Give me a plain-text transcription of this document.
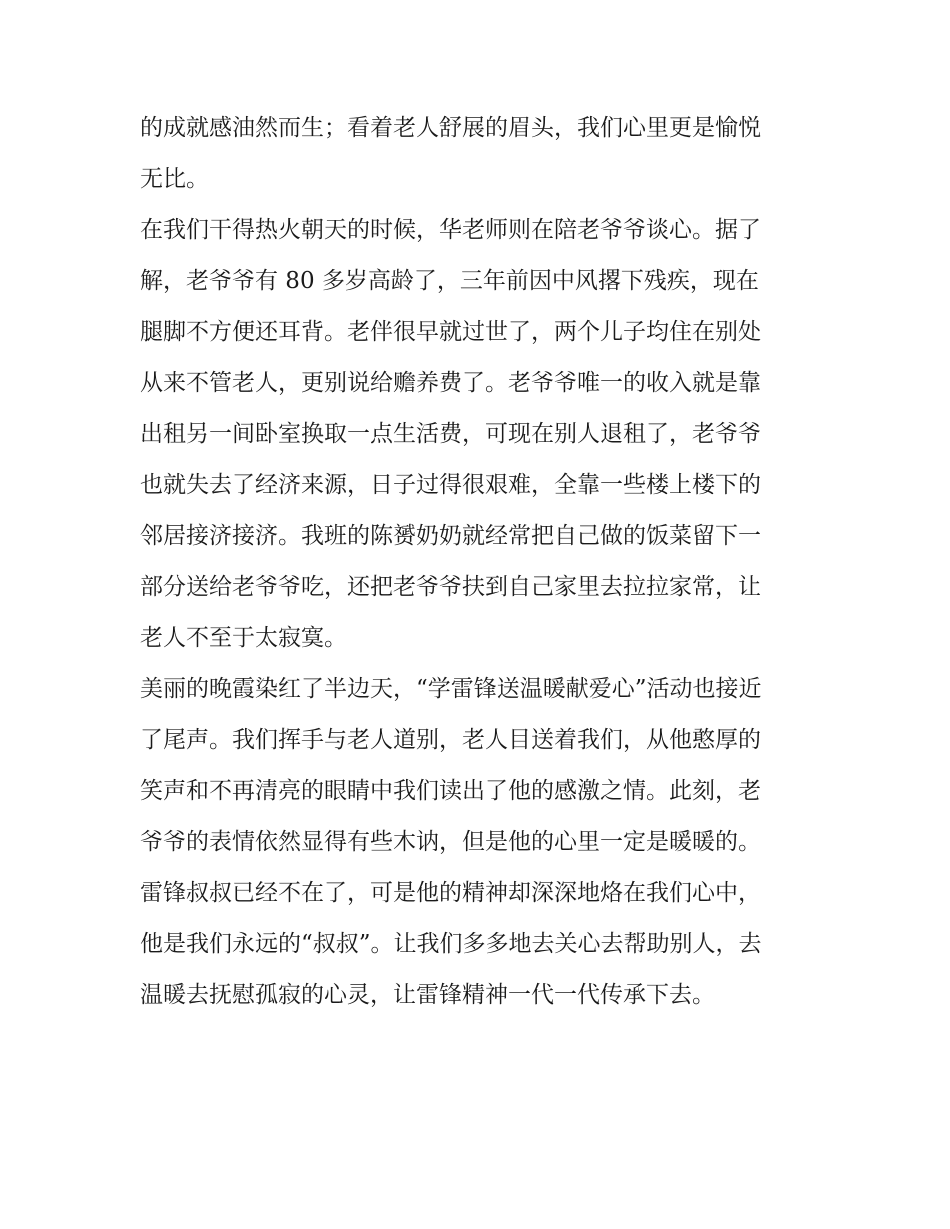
的成就感油然而生；看着老人舒展的眉头，我们心里更是愉悦
无比。
在我们干得热火朝天的时候，华老师则在陪老爷爷谈心。据了
解，老爷爷有 80 多岁高龄了，三年前因中风撂下残疾，现在
腿脚不方便还耳背。老伴很早就过世了，两个儿子均住在别处
从来不管老人，更别说给赡养费了。老爷爷唯一的收入就是靠
出租另一间卧室换取一点生活费，可现在别人退租了，老爷爷
也就失去了经济来源，日子过得很艰难，全靠一些楼上楼下的
邻居接济接济。我班的陈赟奶奶就经常把自己做的饭菜留下一
部分送给老爷爷吃，还把老爷爷扶到自己家里去拉拉家常，让
老人不至于太寂寞。
美丽的晚霞染红了半边天，“学雷锋送温暖献爱心”活动也接近
了尾声。我们挥手与老人道别，老人目送着我们，从他憨厚的
笑声和不再清亮的眼睛中我们读出了他的感激之情。此刻，老
爷爷的表情依然显得有些木讷，但是他的心里一定是暖暖的。
雷锋叔叔已经不在了，可是他的精神却深深地烙在我们心中，
他是我们永远的“叔叔”。让我们多多地去关心去帮助别人，去
温暖去抚慰孤寂的心灵，让雷锋精神一代一代传承下去。
